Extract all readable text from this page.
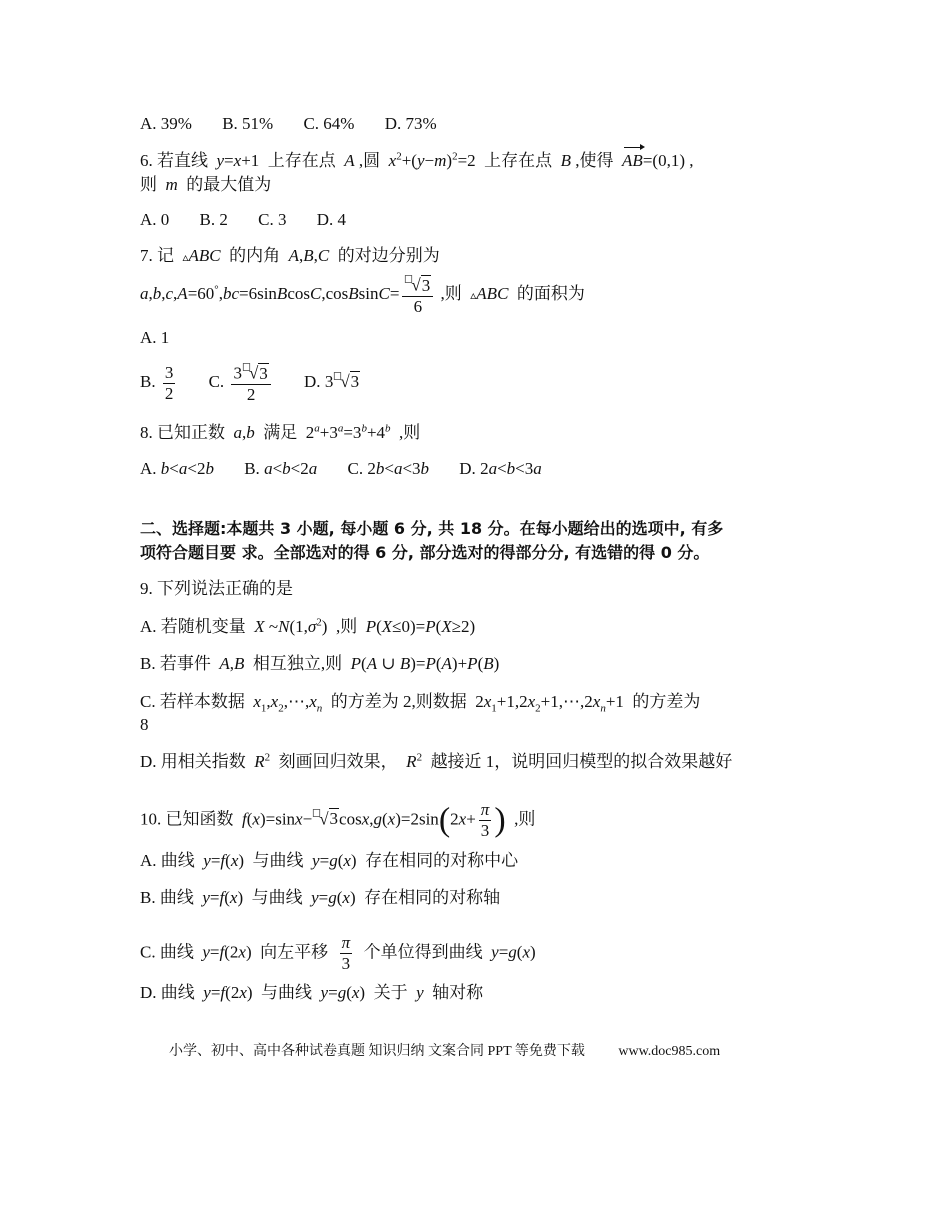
A. 39% B. 51% C. 64% D. 73%
6. 若直线 y=x+1  上存在点 A ,圆 $x^2+(y-m)^2=2$  上存在点 B ,使得 AB=(0,1) ,
则 m 的最大值为
A. 0 B. 2 C. 3 D. 4
7. 记 ▵ABC 的内角 A,B,C 的对边分别为
a,b,c,A=60°,bc=6sinBcosC,cosBsinC= $\frac{√3}{6}$ ,则 ▵ABC 的面积为
A. 1
B. $\frac{3}{2} C$. $\frac{3 √3}{2} D$. 3 √3
8. 已知正数 a,b 满足  $2^a+3^a=3^b+4^b$ ,则
A. b<a<2b B. a<b<2a C. 2b<a<3b D. 2a<b<3a
二、选择题:本题共 3 小题, 每小题 6 分, 共 18 分。在每小题给出的选项中, 有多
项符合题目要 求。全部选对的得 6 分, 部分选对的得部分分, 有选错的得 0 分。
9. 下列说法正确的是
A. 若随机变量 X $\sim N(1,\sigma^2)$  ,则 P(X≤0)=P(X≥2)
B. 若事件 A,B 相互独立,则 P(A ∪ B)=P(A)+P(B)
C. 若样本数据 $x_1,x_2,\cdots,x_n$ 的方差为 2,则数据  $2x_1+1,2x_2+1,\cdots,2x_n+1$  的方差为
8
D. 用相关指数 $R^2$ 刻画回归效果， $R^2$ 越接近 1，说明回归模型的拟合效果越好
10. 已知函数 $f(x)=\sin x- √3\cos x,g(x)=2\sin(2x+ \frac{\pi}{3}$ ) ,则
A. 曲线 y=f(x)  与曲线 y=g(x)  存在相同的对称中心
B. 曲线 y=f(x)  与曲线 y=g(x)  存在相同的对称轴
C. 曲线 y=f(2x)  向左平移 $\frac{\pi}{3}$ 个单位得到曲线 y=g(x)
D. 曲线 y=f(2x)  与曲线 y=g(x)  关于 y 轴对称
小学、初中、高中各种试卷真题 知识归纳 文案合同 PPT 等免费下载 www.doc985.com
